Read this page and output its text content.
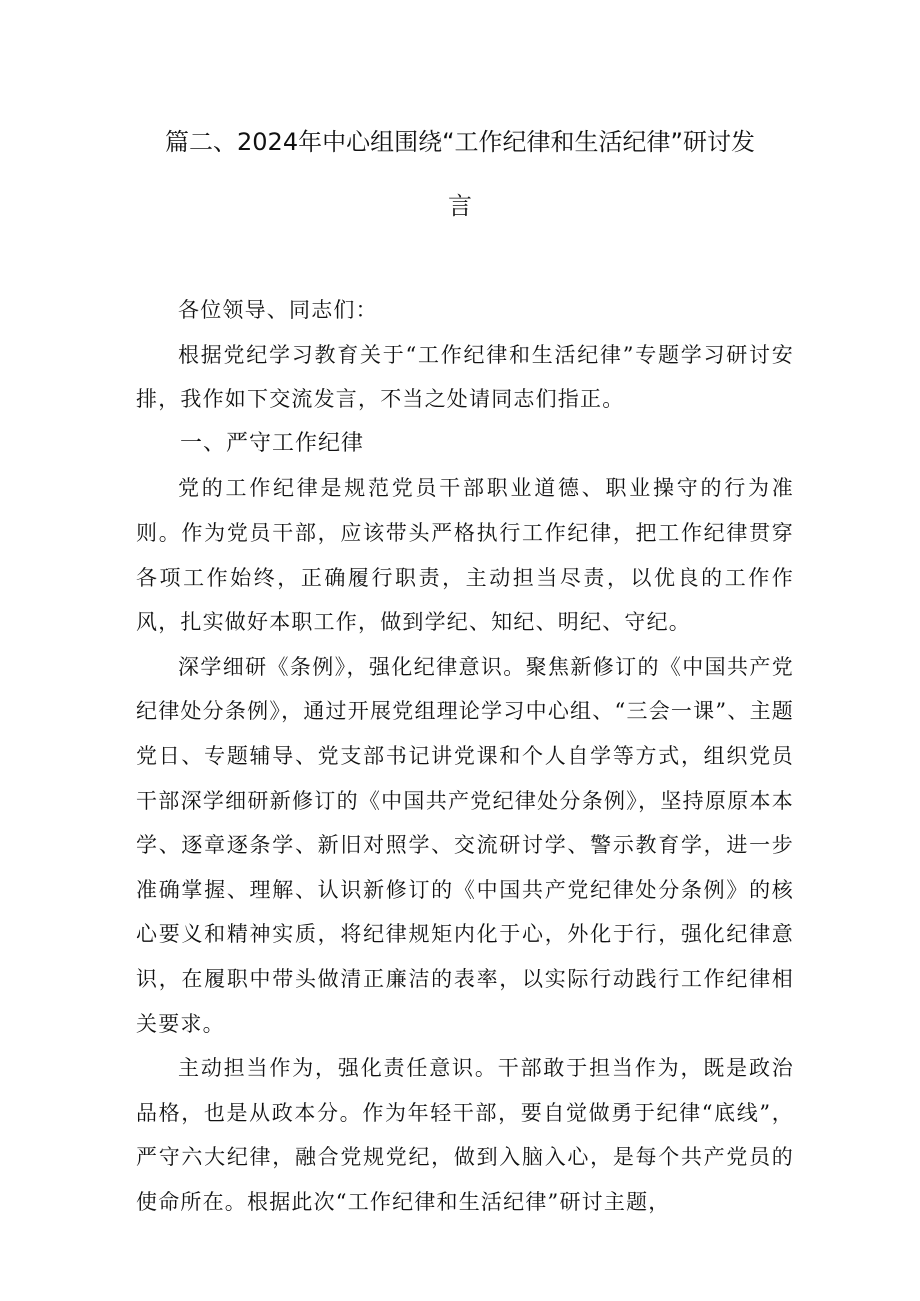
篇二、2024年中心组围绕“工作纪律和生活纪律”研讨发
言

各位领导、同志们：

根据党纪学习教育关于“工作纪律和生活纪律”专题学习研讨安排，我作如下交流发言，不当之处请同志们指正。

一、严守工作纪律

党的工作纪律是规范党员干部职业道德、职业操守的行为准则。作为党员干部，应该带头严格执行工作纪律，把工作纪律贯穿各项工作始终，正确履行职责，主动担当尽责，以优良的工作作风，扎实做好本职工作，做到学纪、知纪、明纪、守纪。

深学细研《条例》，强化纪律意识。聚焦新修订的《中国共产党纪律处分条例》，通过开展党组理论学习中心组、“三会一课”、主题党日、专题辅导、党支部书记讲党课和个人自学等方式，组织党员干部深学细研新修订的《中国共产党纪律处分条例》，坚持原原本本学、逐章逐条学、新旧对照学、交流研讨学、警示教育学，进一步准确掌握、理解、认识新修订的《中国共产党纪律处分条例》的核心要义和精神实质，将纪律规矩内化于心，外化于行，强化纪律意识，在履职中带头做清正廉洁的表率，以实际行动践行工作纪律相关要求。

主动担当作为，强化责任意识。干部敢于担当作为，既是政治品格，也是从政本分。作为年轻干部，要自觉做勇于纪律“底线”，严守六大纪律，融合党规党纪，做到入脑入心，是每个共产党员的使命所在。根据此次“工作纪律和生活纪律”研讨主题，
